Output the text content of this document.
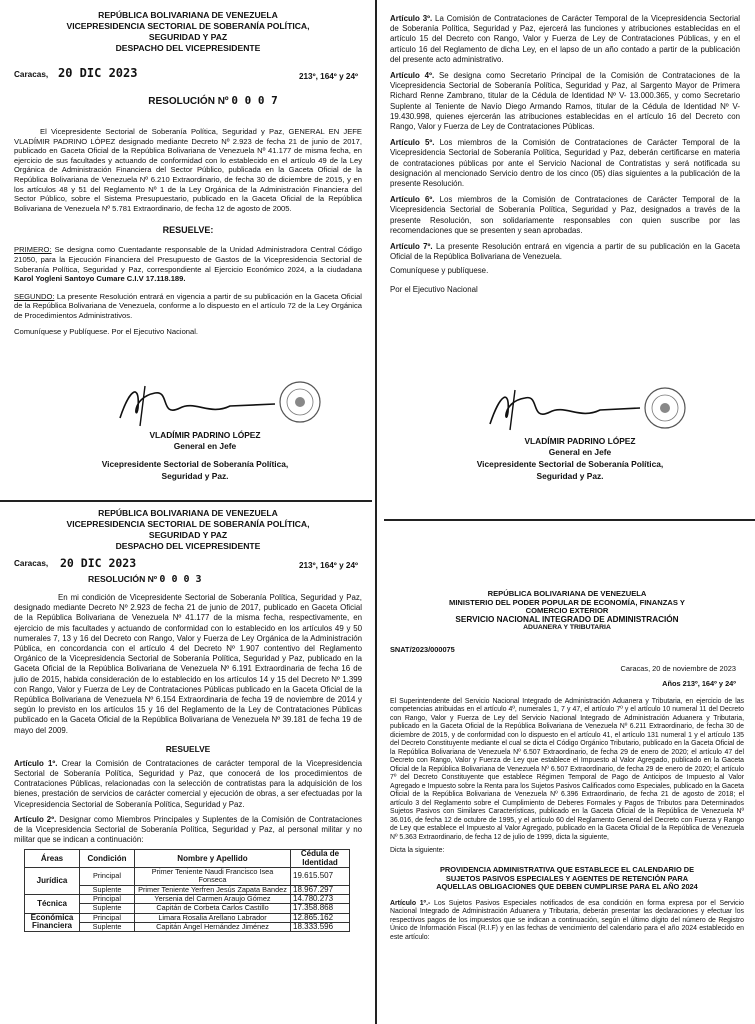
REPÚBLICA BOLIVARIANA DE VENEZUELA
VICEPRESIDENCIA SECTORIAL DE SOBERANÍA POLÍTICA,
SEGURIDAD Y PAZ
DESPACHO DEL VICEPRESIDENTE
Caracas, 20 DIC 2023	213º, 164º y 24º
RESOLUCIÓN Nº 0 0 0 7

El Vicepresidente Sectorial de Soberanía Política, Seguridad y Paz, GENERAL EN JEFE VLADÍMIR PADRINO LÓPEZ designado mediante Decreto Nº 2.923 de fecha 21 de junio de 2017, publicado en Gaceta Oficial de la República Bolivariana de Venezuela Nº 41.177 de misma fecha, en ejercicio de sus facultades y actuando de conformidad con lo establecido en el artículo 49 de la Ley Orgánica de Administración Financiera del Sector Público, publicada en la Gaceta Oficial de la República Bolivariana de Venezuela Nº 6.210 Extraordinario, de fecha 30 de diciembre de 2015, y en los artículos 48 y 51 del Reglamento Nº 1 de la Ley Orgánica de la Administración Financiera del Sector Público, sobre el Sistema Presupuestario, publicado en la Gaceta Oficial de la República Bolivariana de Venezuela Nº 5.781 Extraordinario, de fecha 12 de agosto de 2005.

RESUELVE:

PRIMERO: Se designa como Cuentadante responsable de la Unidad Administradora Central Código 21050, para la Ejecución Financiera del Presupuesto de Gastos de la Vicepresidencia Sectorial de Soberanía Política, Seguridad y Paz, correspondiente al Ejercicio Económico 2024, a la ciudadana Karol Yogleni Santoyo Cumare C.I.V 17.118.189.

SEGUNDO: La presente Resolución entrará en vigencia a partir de su publicación en la Gaceta Oficial de la República Bolivariana de Venezuela, conforme a lo dispuesto en el artículo 72 de la Ley Orgánica de Procedimientos Administrativos.

Comuníquese y Publíquese. Por el Ejecutivo Nacional.

VLADÍMIR PADRINO LÓPEZ
General en Jefe
Vicepresidente Sectorial de Soberanía Política,
Seguridad y Paz.
REPÚBLICA BOLIVARIANA DE VENEZUELA
VICEPRESIDENCIA SECTORIAL DE SOBERANÍA POLÍTICA,
SEGURIDAD Y PAZ
DESPACHO DEL VICEPRESIDENTE
Caracas, 20 DIC 2023	213º, 164º y 24º
RESOLUCIÓN Nº 0 0 0 3

En mi condición de Vicepresidente Sectorial de Soberanía Política, Seguridad y Paz, designado mediante Decreto Nº 2.923 de fecha 21 de junio de 2017, publicado en Gaceta Oficial de la República Bolivariana de Venezuela Nº 41.177 de la misma fecha, respectivamente, en ejercicio de mis facultades y actuando de conformidad con lo establecido en los artículos 49 y 50 numerales 7, 13 y 16 del Decreto con Rango, Valor y Fuerza de Ley Orgánica de la Administración Pública, en concordancia con el artículo 4 del Decreto Nº 1.907 contentivo del Reglamento Orgánico de la Vicepresidencia Sectorial de Soberanía Política, Seguridad y Paz, publicado en la Gaceta Oficial de la República Bolivariana de Venezuela Nº 6.191 Extraordinaria de fecha 16 de julio de 2015, habida consideración de lo establecido en los artículos 14 y 15 del Decreto Nº 1.399 con Rango, Valor y Fuerza de Ley de Contrataciones Públicas publicado en la Gaceta Oficial de la República Bolivariana de Venezuela Nº 6.154 Extraordinaria de fecha 19 de noviembre de 2014 y según lo previsto en los artículos 15 y 16 del Reglamento de la Ley de Contrataciones Públicas publicado en la Gaceta Oficial de la República Bolivariana de Venezuela Nº 39.181 de fecha 19 de mayo del 2009.

RESUELVE

Artículo 1º. Crear la Comisión de Contrataciones de carácter temporal de la Vicepresidencia Sectorial de Soberanía Política, Seguridad y Paz, que conocerá de los procedimientos de Contrataciones Públicas, relacionadas con la selección de contratistas para la adquisición de los bienes, prestación de servicios de carácter comercial y ejecución de obras, a ser efectuadas por la Vicepresidencia Sectorial de Soberanía Política, Seguridad y Paz.

Artículo 2º. Designar como Miembros Principales y Suplentes de la Comisión de Contrataciones de la Vicepresidencia Sectorial de Soberanía Política, Seguridad y Paz, al personal militar y no militar que se indican a continuación:

Áreas	Condición	Nombre y Apellido	Cédula de Identidad
Jurídica	Principal	Primer Teniente Naudi Francisco Isea Fonseca	19.615.507
	Suplente	Primer Teniente Yerfren Jesús Zapata Bandez	18.967.297
Técnica	Principal	Yersenia del Carmen Araujo Gómez	14.780.273
	Suplente	Capitán de Corbeta Carlos Castillo	17.358.868
Económica Financiera	Principal	Limara Rosalia Arellano Labrador	12.865.162
	Suplente	Capitán Ángel Hernández Jiménez	18.333.596

Artículo 3º. La Comisión de Contrataciones de Carácter Temporal de la Vicepresidencia Sectorial de Soberanía Política, Seguridad y Paz, ejercerá las funciones y atribuciones establecidas en el artículo 15 del Decreto con Rango, Valor y Fuerza de Ley de Contrataciones Públicas, y en el artículo 16 del Reglamento de dicha Ley, en el lapso de un año contado a partir de la publicación del presente acto administrativo.

Artículo 4º. Se designa como Secretario Principal de la Comisión de Contrataciones de la Vicepresidencia Sectorial de Soberanía Política, Seguridad y Paz, al Sargento Mayor de Primera Richard Renne Zambrano, titular de la Cédula de Identidad Nº V- 13.000.365, y como Secretario Suplente al Teniente de Navío Diego Armando Ramos, titular de la Cédula de Identidad Nº V- 19.430.998, quienes ejercerán las atribuciones establecidas en el artículo 16 del Decreto con Rango, Valor y Fuerza de Ley de Contrataciones Públicas.

Artículo 5º. Los miembros de la Comisión de Contrataciones de Carácter Temporal de la Vicepresidencia Sectorial de Soberanía Política, Seguridad y Paz, deberán certificarse en materia de contrataciones públicas por ante el Servicio Nacional de Contratistas y será notificada su designación al mencionado Servicio dentro de los cinco (05) días siguientes a la publicación de la presente Resolución.

Artículo 6º. Los miembros de la Comisión de Contrataciones de Carácter Temporal de la Vicepresidencia Sectorial de Soberanía Política, Seguridad y Paz, designados a través de la presente Resolución, son solidariamente responsables con quien suscribe por las recomendaciones que se presenten y sean aprobadas.

Artículo 7º. La presente Resolución entrará en vigencia a partir de su publicación en la Gaceta Oficial de la República Bolivariana de Venezuela.

Comuníquese y publíquese.

Por el Ejecutivo Nacional

VLADÍMIR PADRINO LÓPEZ
General en Jefe
Vicepresidente Sectorial de Soberanía Política,
Seguridad y Paz.
REPÚBLICA BOLIVARIANA DE VENEZUELA
MINISTERIO DEL PODER POPULAR DE ECONOMÍA, FINANZAS Y
COMERCIO EXTERIOR
SERVICIO NACIONAL INTEGRADO DE ADMINISTRACIÓN
ADUANERA Y TRIBUTARIA
SNAT/2023/000075
Caracas, 20 de noviembre de 2023
Años 213º, 164º y 24º

El Superintendente del Servicio Nacional Integrado de Administración Aduanera y Tributaria, en ejercicio de las competencias atribuidas en el artículo 4º, numerales 1, 7 y 47, el artículo 7º y el artículo 10 numeral 11 del Decreto con Rango, Valor y Fuerza de Ley del Servicio Nacional Integrado de Administración Aduanera y Tributaria, publicado en la Gaceta Oficial de la República Bolivariana de Venezuela Nº 6.211 Extraordinario, de fecha 30 de diciembre de 2015, y de conformidad con lo dispuesto en el artículo 41, el artículo 131 numeral 1 y el artículo 135 del Decreto Constituyente mediante el cual se dicta el Código Orgánico Tributario, publicado en la Gaceta Oficial de la República Bolivariana de Venezuela Nº 6.507 Extraordinario, de fecha 29 de enero de 2020; el artículo 47 del Decreto con Rango, Valor y Fuerza de Ley que establece el Impuesto al Valor Agregado, publicado en la Gaceta Oficial de la República Bolivariana de Venezuela Nº 6.507 Extraordinario, de fecha 29 de enero de 2020; el artículo 7º del Decreto Constituyente que establece Régimen Temporal de Pago de Anticipos de Impuesto al Valor Agregado e Impuesto sobre la Renta para los Sujetos Pasivos Calificados como Especiales, publicado en la Gaceta Oficial de la República Bolivariana de Venezuela Nº 6.396 Extraordinario, de fecha 21 de agosto de 2018; el artículo 3 del Reglamento sobre el Cumplimiento de Deberes Formales y Pagos de Tributos para Determinados Sujetos Pasivos con Similares Características, publicado en la Gaceta Oficial de la República de Venezuela Nº 36.016, de fecha 12 de octubre de 1995, y el artículo 60 del Reglamento General del Decreto con Fuerza y Rango de Ley que establece el Impuesto al Valor Agregado, publicado en la Gaceta Oficial de la República de Venezuela Nº 5.363 Extraordinario, de fecha 12 de julio de 1999, dicta la siguiente,

Dicta la siguiente:

PROVIDENCIA ADMINISTRATIVA QUE ESTABLECE EL CALENDARIO DE
SUJETOS PASIVOS ESPECIALES Y AGENTES DE RETENCIÓN PARA
AQUELLAS OBLIGACIONES QUE DEBEN CUMPLIRSE PARA EL AÑO 2024

Artículo 1º.- Los Sujetos Pasivos Especiales notificados de esa condición en forma expresa por el Servicio Nacional Integrado de Administración Aduanera y Tributaria, deberán presentar las declaraciones y efectuar los respectivos pagos de los impuestos que se indican a continuación, según el último dígito del número de Registro Único de Información Fiscal (R.I.F) y en las fechas de vencimiento del calendario para el año 2024 establecido en este artículo:
